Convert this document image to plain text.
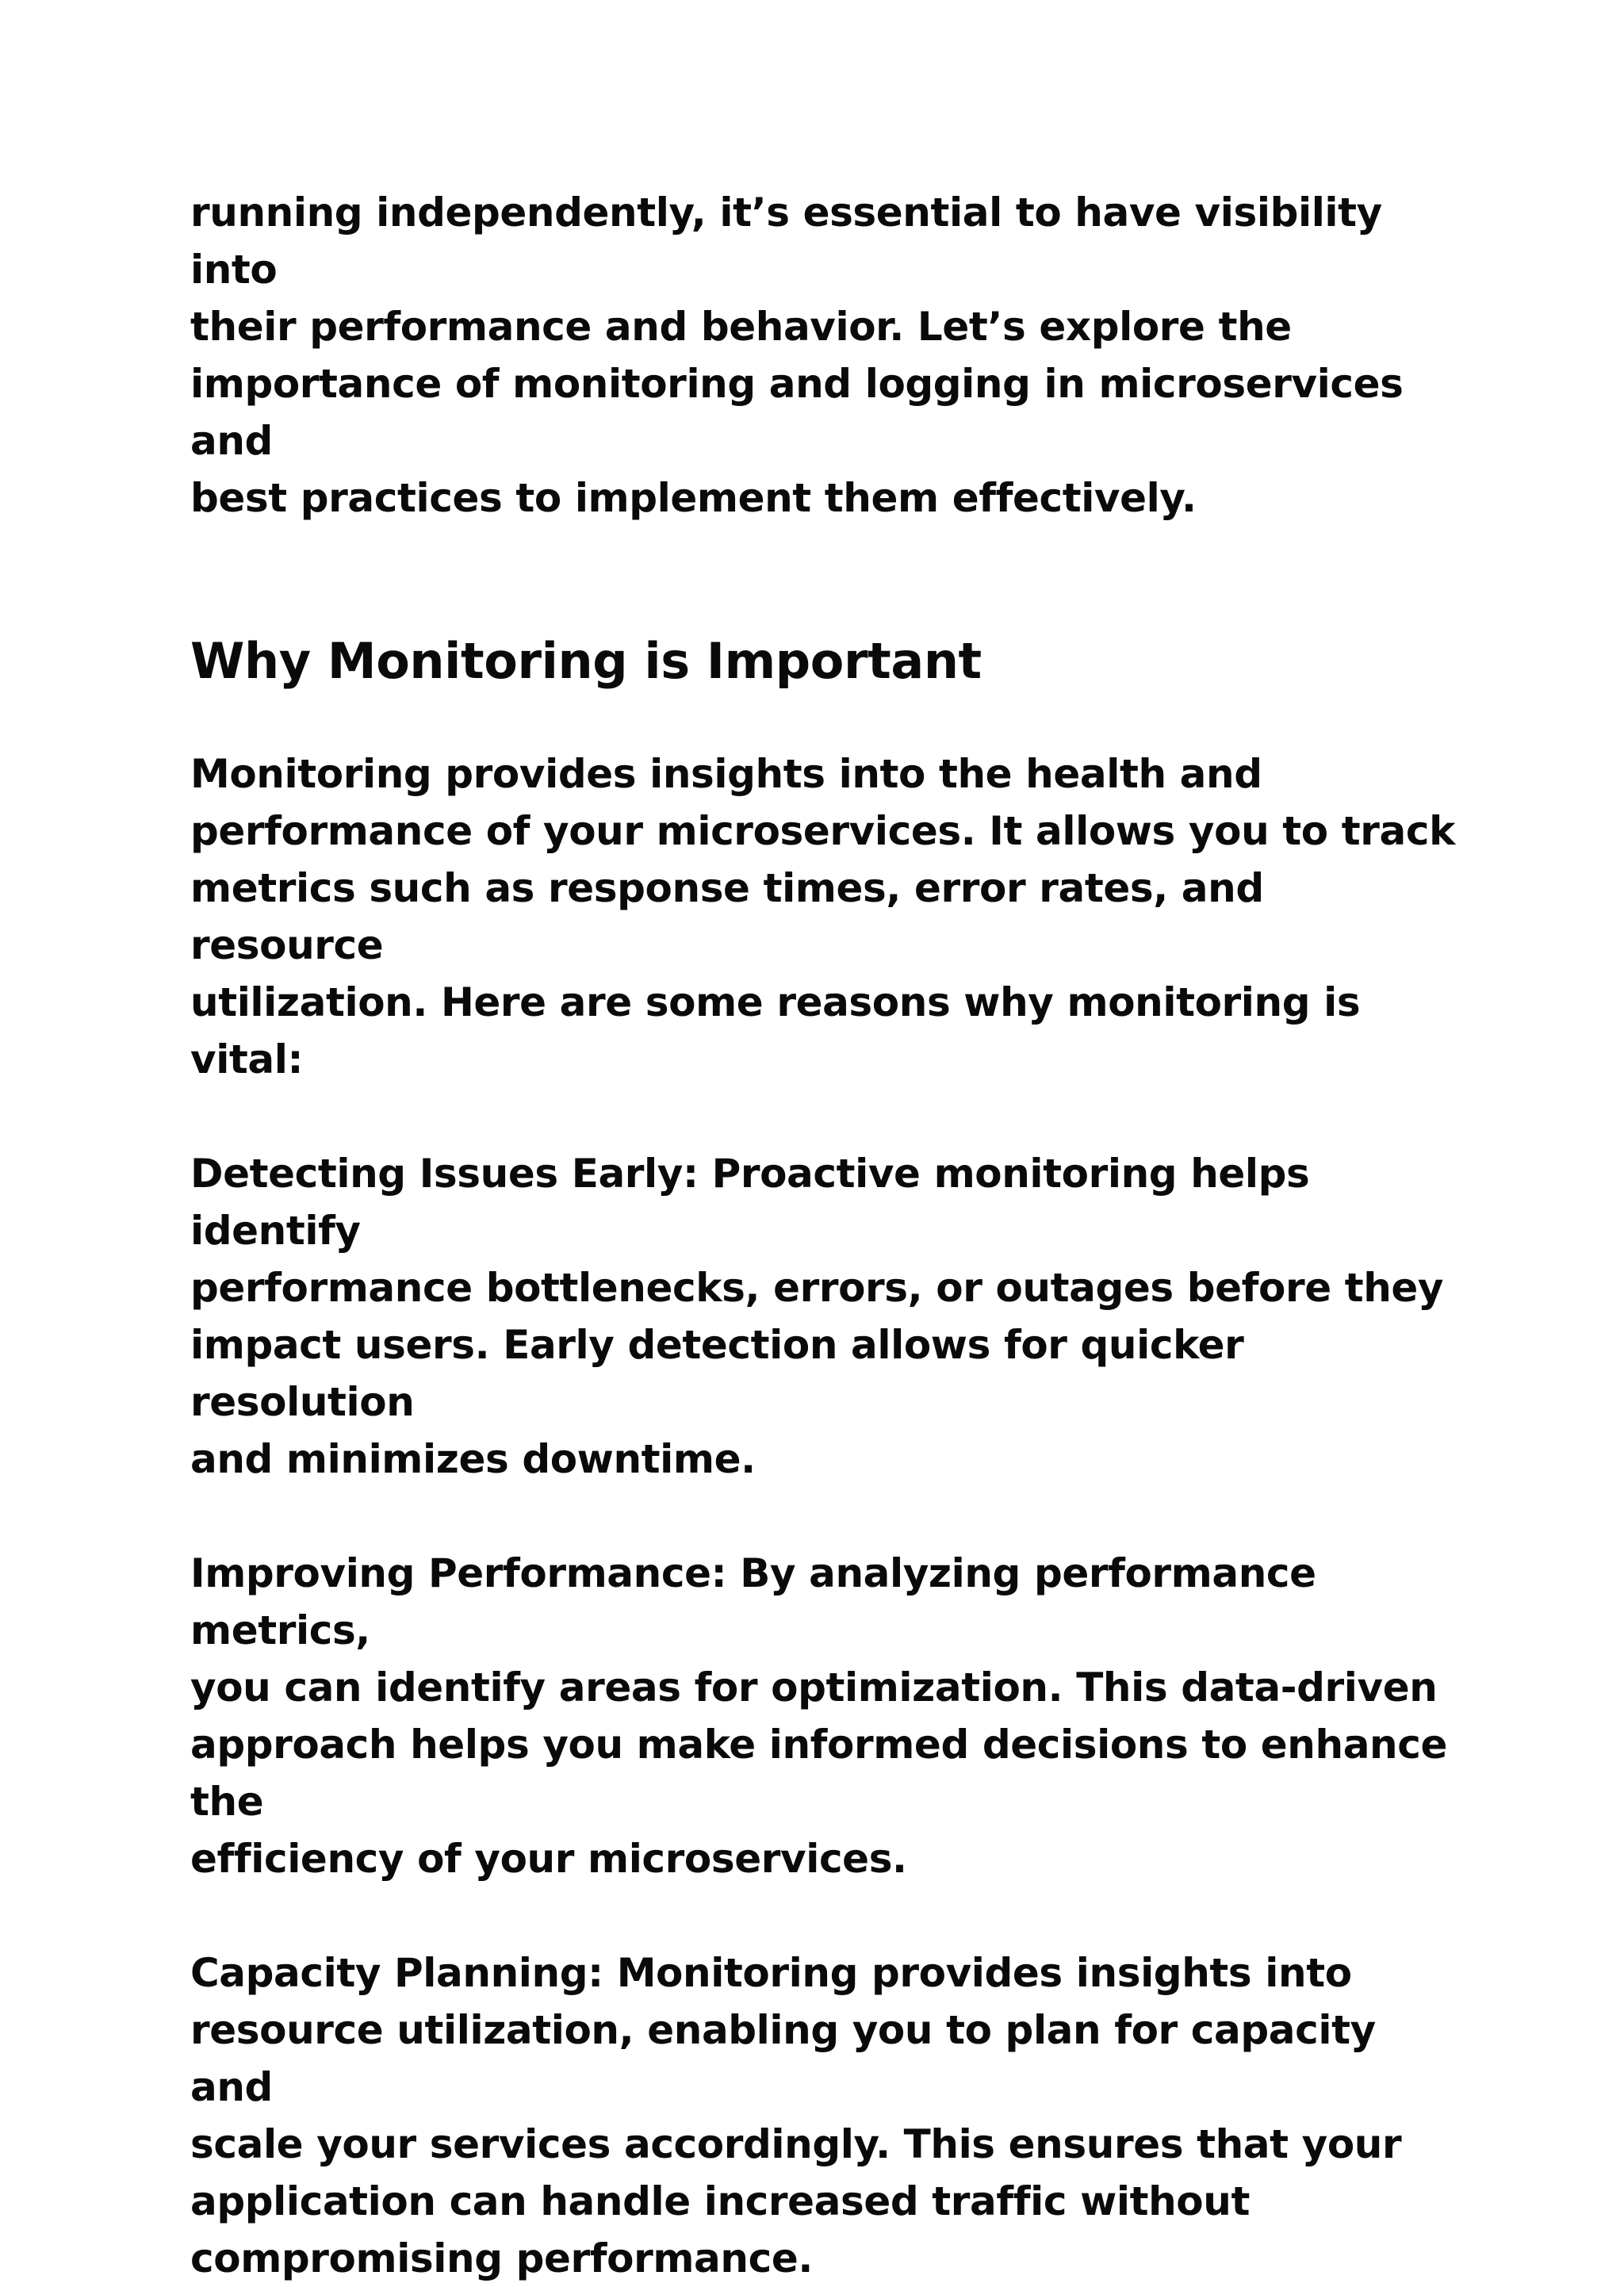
running independently, it’s essential to have visibility into
their performance and behavior. Let’s explore the
importance of monitoring and logging in microservices and
best practices to implement them effectively.

Why Monitoring is Important

Monitoring provides insights into the health and
performance of your microservices. It allows you to track
metrics such as response times, error rates, and resource
utilization. Here are some reasons why monitoring is vital:

Detecting Issues Early: Proactive monitoring helps identify
performance bottlenecks, errors, or outages before they
impact users. Early detection allows for quicker resolution
and minimizes downtime.

Improving Performance: By analyzing performance metrics,
you can identify areas for optimization. This data-driven
approach helps you make informed decisions to enhance the
efficiency of your microservices.

Capacity Planning: Monitoring provides insights into
resource utilization, enabling you to plan for capacity and
scale your services accordingly. This ensures that your
application can handle increased traffic without
compromising performance.
